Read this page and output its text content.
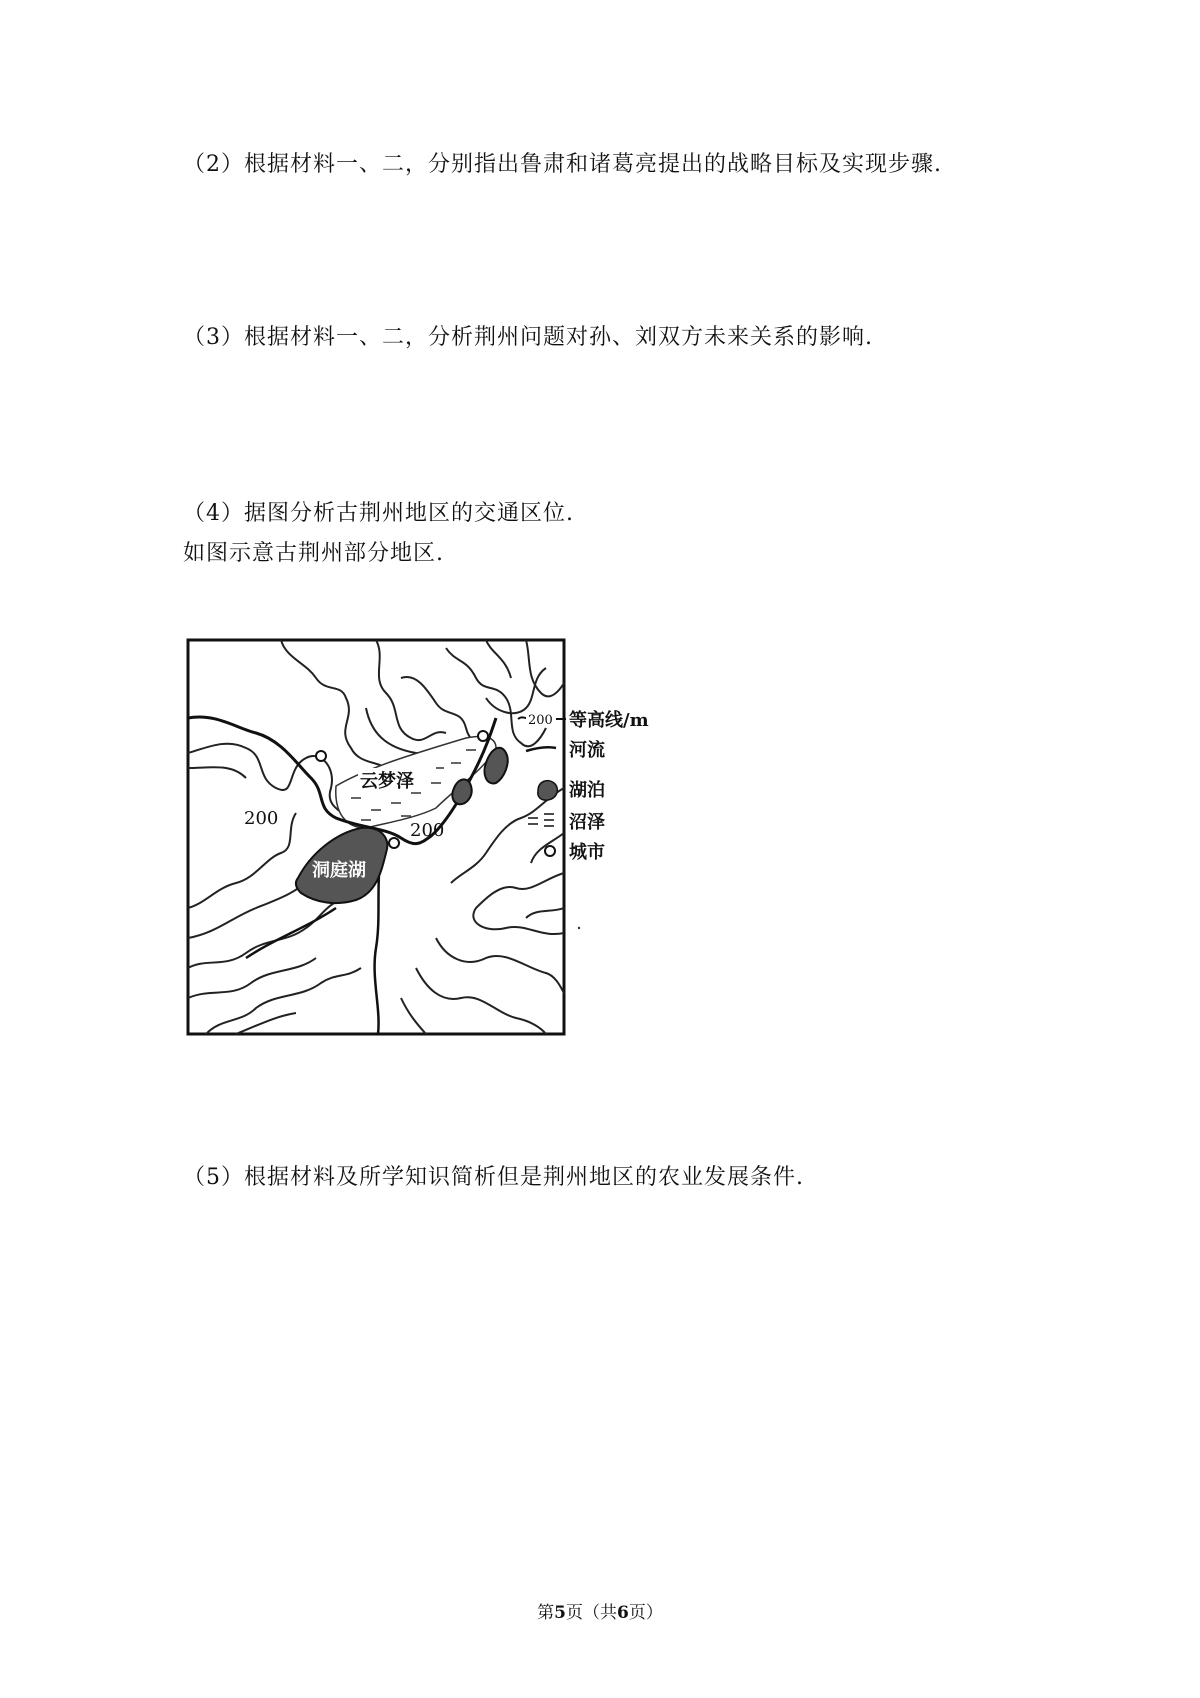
（2）根据材料一、二，分别指出鲁肃和诸葛亮提出的战略目标及实现步骤.
（3）根据材料一、二，分析荆州问题对孙、刘双方未来关系的影响.
（4）据图分析古荆州地区的交通区位.
如图示意古荆州部分地区.
云梦泽
洞庭湖
200
200
200 等高线/m
河流
湖泊
沼泽
城市
（5）根据材料及所学知识简析但是荆州地区的农业发展条件.
第5页（共6页）
